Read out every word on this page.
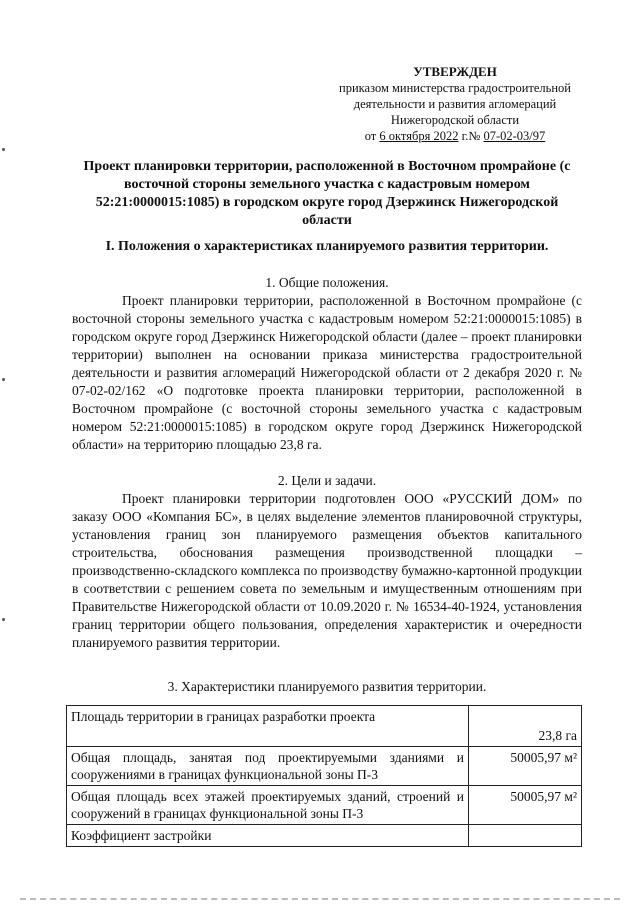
УТВЕРЖДЕН
приказом министерства градостроительной
деятельности и развития агломераций
Нижегородской области
от 6 октября 2022 г.№ 07-02-03/97
Проект планировки территории, расположенной в Восточном промрайоне (с восточной стороны земельного участка с кадастровым номером 52:21:0000015:1085) в городском округе город Дзержинск Нижегородской области
I. Положения о характеристиках планируемого развития территории.
1. Общие положения.
Проект планировки территории, расположенной в Восточном промрайоне (с восточной стороны земельного участка с кадастровым номером 52:21:0000015:1085) в городском округе город Дзержинск Нижегородской области (далее – проект планировки территории) выполнен на основании приказа министерства градостроительной деятельности и развития агломераций Нижегородской области от 2 декабря 2020 г. № 07-02-02/162 «О подготовке проекта планировки территории, расположенной в Восточном промрайоне (с восточной стороны земельного участка с кадастровым номером 52:21:0000015:1085) в городском округе город Дзержинск Нижегородской области» на территорию площадью 23,8 га.
2. Цели и задачи.
Проект планировки территории подготовлен ООО «РУССКИЙ ДОМ» по заказу ООО «Компания БС», в целях выделение элементов планировочной структуры, установления границ зон планируемого размещения объектов капитального строительства, обоснования размещения производственной площадки – производственно-складского комплекса по производству бумажно-картонной продукции в соответствии с решением совета по земельным и имущественным отношениям при Правительстве Нижегородской области от 10.09.2020 г. № 16534-40-1924, установления границ территории общего пользования, определения характеристик и очередности планируемого развития территории.
3. Характеристики планируемого развития территории.
Площадь территории в границах разработки проекта	23,8 га
Общая площадь, занятая под проектируемыми зданиями и сооружениями в границах функциональной зоны П-3	50005,97 м²
Общая площадь всех этажей проектируемых зданий, строений и сооружений в границах функциональной зоны П-3	50005,97 м²
Коэффициент застройки	
